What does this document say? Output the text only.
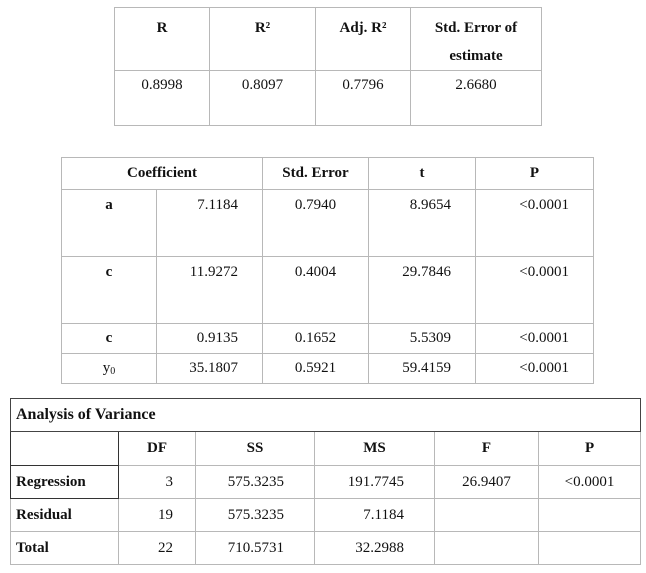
R	R²	Adj. R²	Std. Error of estimate
0.8998	0.8097	0.7796	2.6680
Coefficient		Std. Error	t	P
a	7.1184	0.7940	8.9654	<0.0001
c	11.9272	0.4004	29.7846	<0.0001
c	0.9135	0.1652	5.5309	<0.0001
$y_0$	35.1807	0.5921	59.4159	<0.0001
Analysis of Variance					
	DF	SS	MS	F	P
Regression	3	575.3235	191.7745	26.9407	<0.0001
Residual	19	575.3235	7.1184		
Total	22	710.5731	32.2988		
